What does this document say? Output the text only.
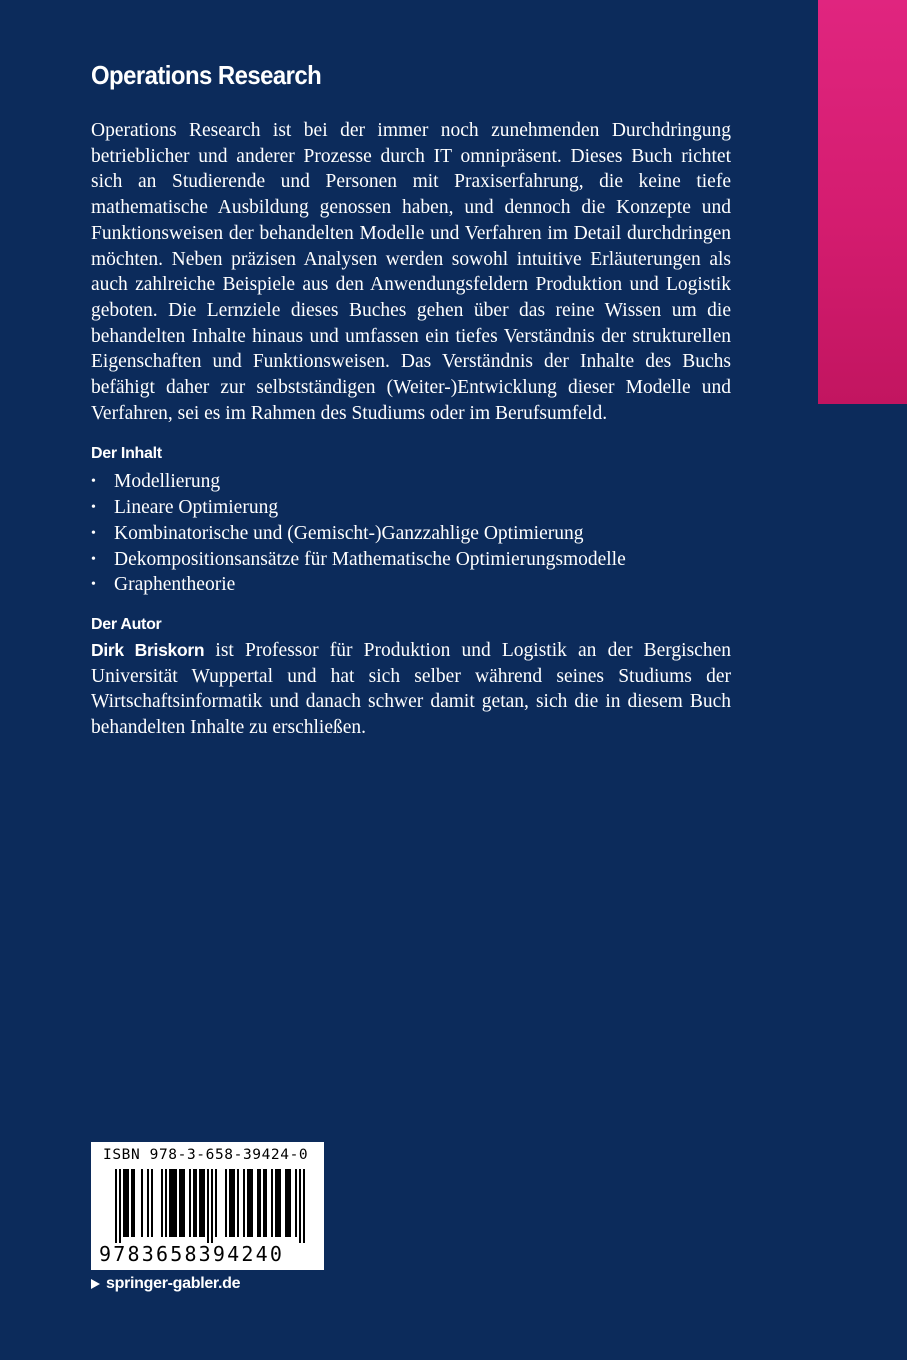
Operations Research

Operations Research ist bei der immer noch zunehmenden Durchdringung betrieblicher und anderer Prozesse durch IT omnipräsent. Dieses Buch richtet sich an Studierende und Personen mit Praxiserfahrung, die keine tiefe mathematische Ausbildung genossen haben, und dennoch die Konzepte und Funktionsweisen der behandelten Modelle und Verfahren im Detail durchdringen möchten. Neben präzisen Analysen werden sowohl intuitive Erläuterungen als auch zahlreiche Beispiele aus den Anwendungsfeldern Produktion und Logistik geboten. Die Lernziele dieses Buches gehen über das reine Wissen um die behandelten Inhalte hinaus und umfassen ein tiefes Verständnis der strukturellen Eigenschaften und Funktionsweisen. Das Verständnis der Inhalte des Buchs befähigt daher zur selbstständigen (Weiter-)Entwicklung dieser Modelle und Verfahren, sei es im Rahmen des Studiums oder im Berufsumfeld.

Der Inhalt
• Modellierung
• Lineare Optimierung
• Kombinatorische und (Gemischt-)Ganzzahlige Optimierung
• Dekompositionsansätze für Mathematische Optimierungsmodelle
• Graphentheorie
Der Autor

Dirk Briskorn ist Professor für Produktion und Logistik an der Bergischen Universität Wuppertal und hat sich selber während seines Studiums der Wirtschaftsinformatik und danach schwer damit getan, sich die in diesem Buch behandelten Inhalte zu erschließen.

ISBN 978-3-658-39424-0
9783658394240
springer-gabler.de
